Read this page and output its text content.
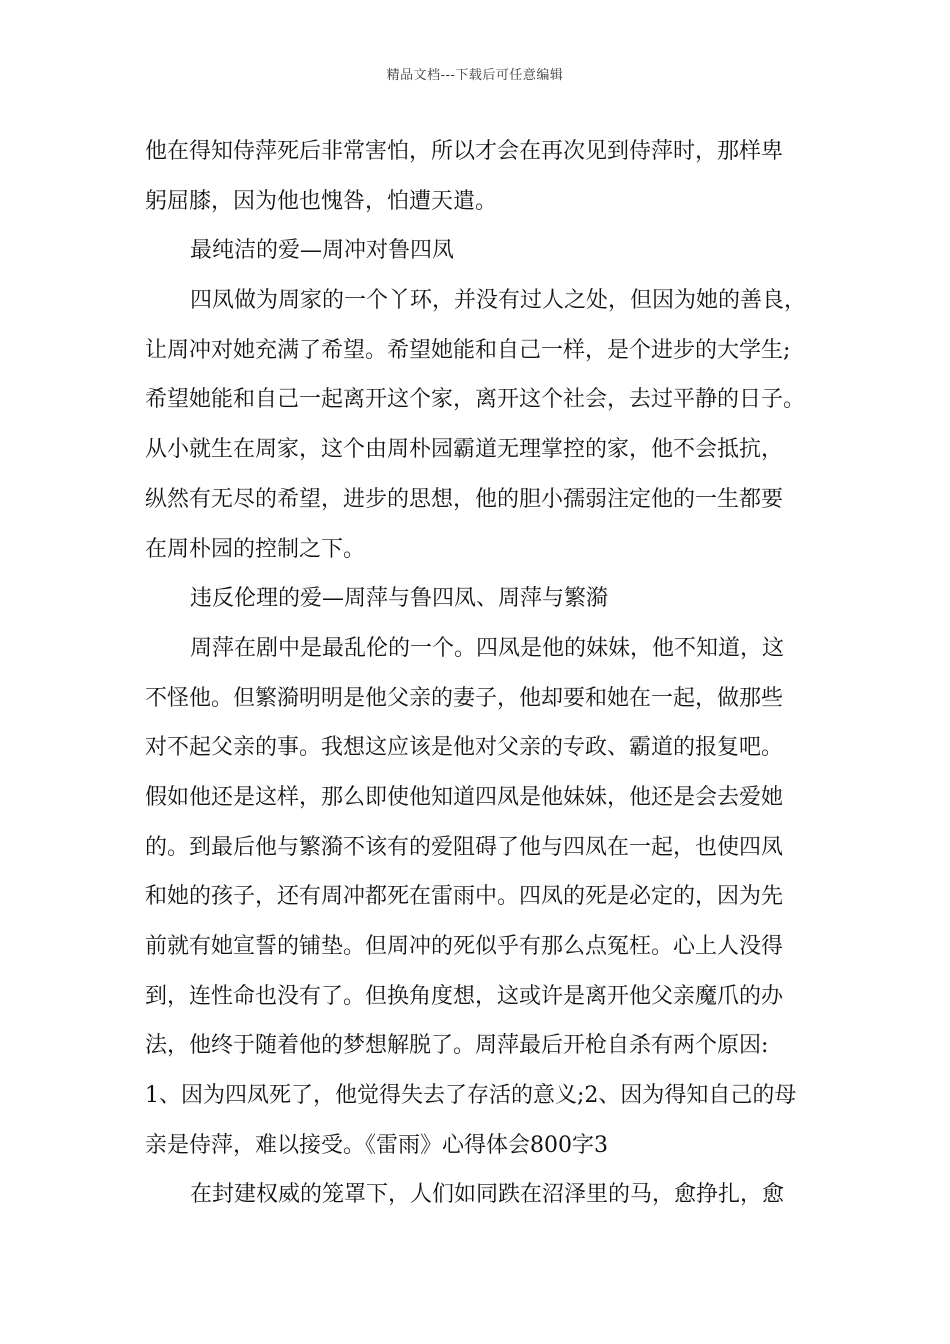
精品文档---下载后可任意编辑
他在得知侍萍死后非常害怕，所以才会在再次见到侍萍时，那样卑
躬屈膝，因为他也愧咎，怕遭天遣。
最纯洁的爱—周冲对鲁四凤
四凤做为周家的一个丫环，并没有过人之处，但因为她的善良，
让周冲对她充满了希望。希望她能和自己一样，是个进步的大学生;
希望她能和自己一起离开这个家，离开这个社会，去过平静的日子。
从小就生在周家，这个由周朴园霸道无理掌控的家，他不会抵抗，
纵然有无尽的希望，进步的思想，他的胆小孺弱注定他的一生都要
在周朴园的控制之下。
违反伦理的爱—周萍与鲁四凤、周萍与繁漪
周萍在剧中是最乱伦的一个。四凤是他的妹妹，他不知道，这
不怪他。但繁漪明明是他父亲的妻子，他却要和她在一起，做那些
对不起父亲的事。我想这应该是他对父亲的专政、霸道的报复吧。
假如他还是这样，那么即使他知道四凤是他妹妹，他还是会去爱她
的。到最后他与繁漪不该有的爱阻碍了他与四凤在一起，也使四凤
和她的孩子，还有周冲都死在雷雨中。四凤的死是必定的，因为先
前就有她宣誓的铺垫。但周冲的死似乎有那么点冤枉。心上人没得
到，连性命也没有了。但换角度想，这或许是离开他父亲魔爪的办
法，他终于随着他的梦想解脱了。周萍最后开枪自杀有两个原因:
1、因为四凤死了，他觉得失去了存活的意义;2、因为得知自己的母
亲是侍萍，难以接受。《雷雨》心得体会800字3
在封建权威的笼罩下，人们如同跌在沼泽里的马，愈挣扎，愈
